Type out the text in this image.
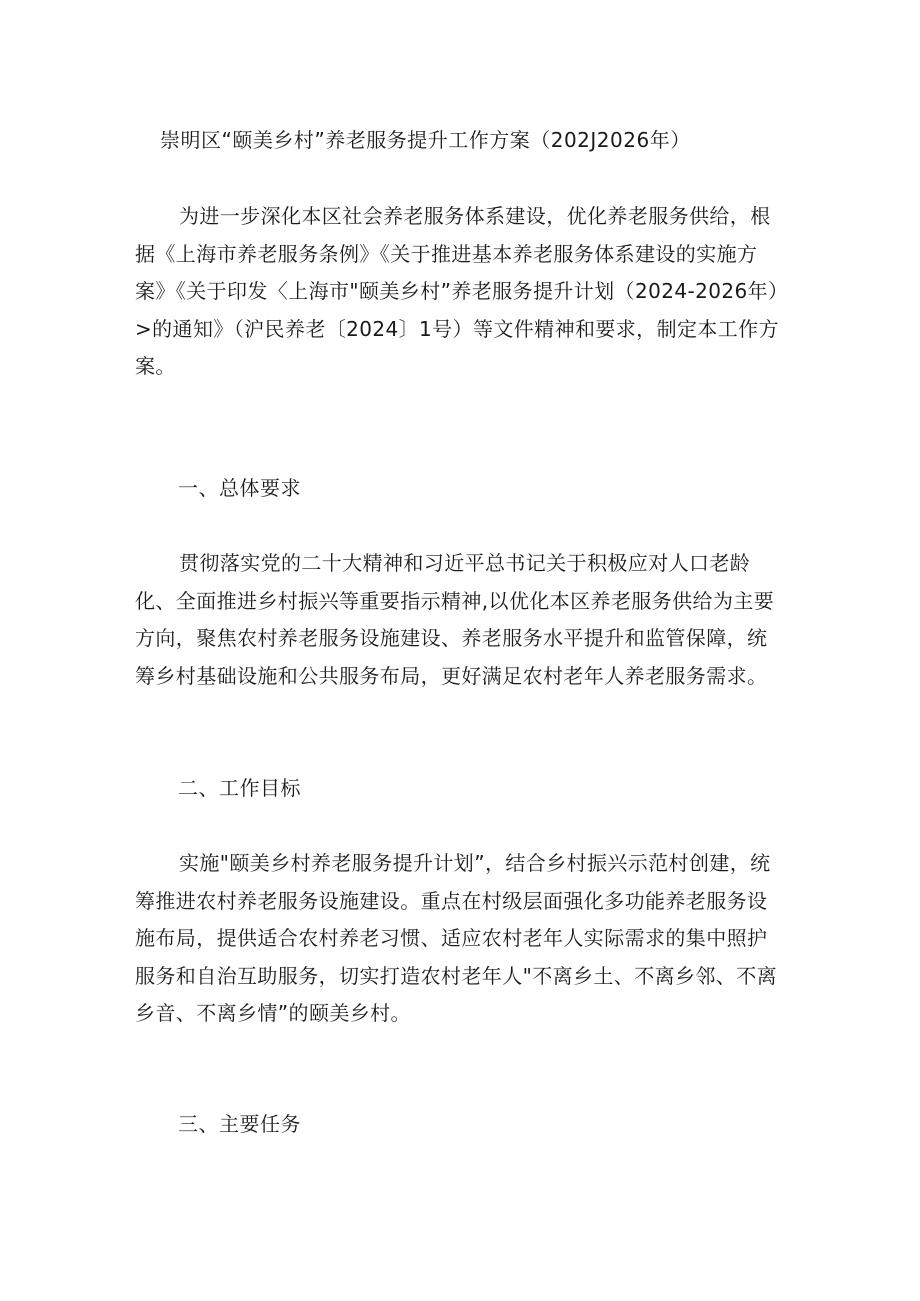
崇明区“颐美乡村”养老服务提升工作方案（202J2026年）
为进一步深化本区社会养老服务体系建设，优化养老服务供给，根据《上海市养老服务条例》《关于推进基本养老服务体系建设的实施方案》《关于印发〈上海市"颐美乡村”养老服务提升计划（2024-2026年）>的通知》（沪民养老〔2024〕1号）等文件精神和要求，制定本工作方案。
一、总体要求
贯彻落实党的二十大精神和习近平总书记关于积极应对人口老龄化、全面推进乡村振兴等重要指示精神,以优化本区养老服务供给为主要方向，聚焦农村养老服务设施建设、养老服务水平提升和监管保障，统筹乡村基础设施和公共服务布局，更好满足农村老年人养老服务需求。
二、工作目标
实施"颐美乡村养老服务提升计划”，结合乡村振兴示范村创建，统筹推进农村养老服务设施建设。重点在村级层面强化多功能养老服务设施布局，提供适合农村养老习惯、适应农村老年人实际需求的集中照护服务和自治互助服务，切实打造农村老年人"不离乡土、不离乡邻、不离乡音、不离乡情”的颐美乡村。
三、主要任务
